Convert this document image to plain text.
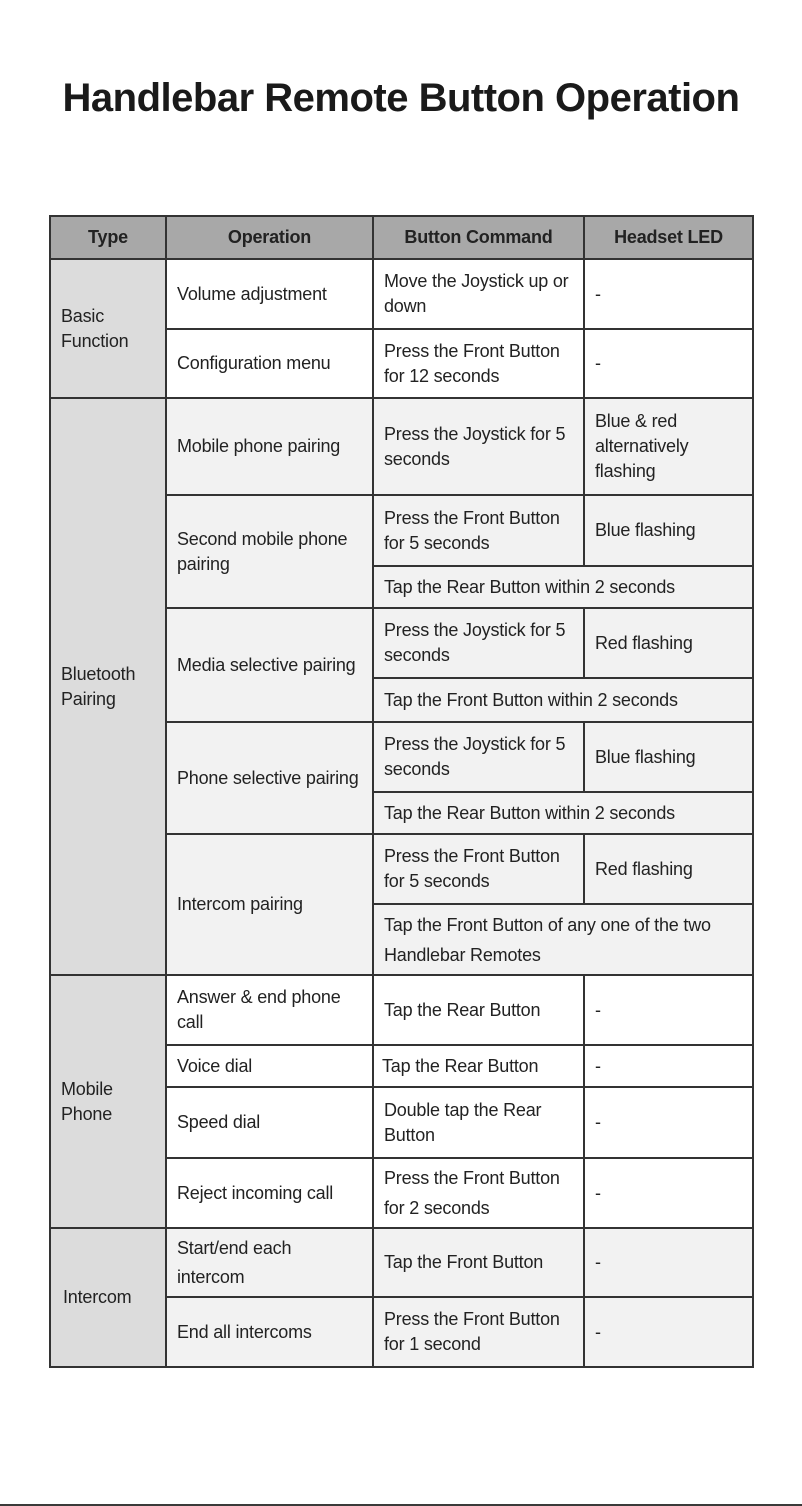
Handlebar Remote Button Operation
Type	Operation	Button Command	Headset LED
Basic Function	Volume adjustment	Move the Joystick up or down	-
	Configuration menu	Press the Front Button for 12 seconds	-
Bluetooth Pairing	Mobile phone pairing	Press the Joystick for 5 seconds	Blue & red alternatively flashing
	Second mobile phone pairing	Press the Front Button for 5 seconds	Blue flashing
		Tap the Rear Button within 2 seconds	
	Media selective pairing	Press the Joystick for 5 seconds	Red flashing
		Tap the Front Button within 2 seconds	
	Phone selective pairing	Press the Joystick for 5 seconds	Blue flashing
		Tap the Rear Button within 2 seconds	
	Intercom pairing	Press the Front Button for 5 seconds	Red flashing
		Tap the Front Button of any one of the two Handlebar Remotes	
Mobile Phone	Answer & end phone call	Tap the Rear Button	-
	Voice dial	Tap the Rear Button	-
	Speed dial	Double tap the Rear Button	-
	Reject incoming call	Press the Front Button for 2 seconds	-
Intercom	Start/end each intercom	Tap the Front Button	-
	End all intercoms	Press the Front Button for 1 second	-
